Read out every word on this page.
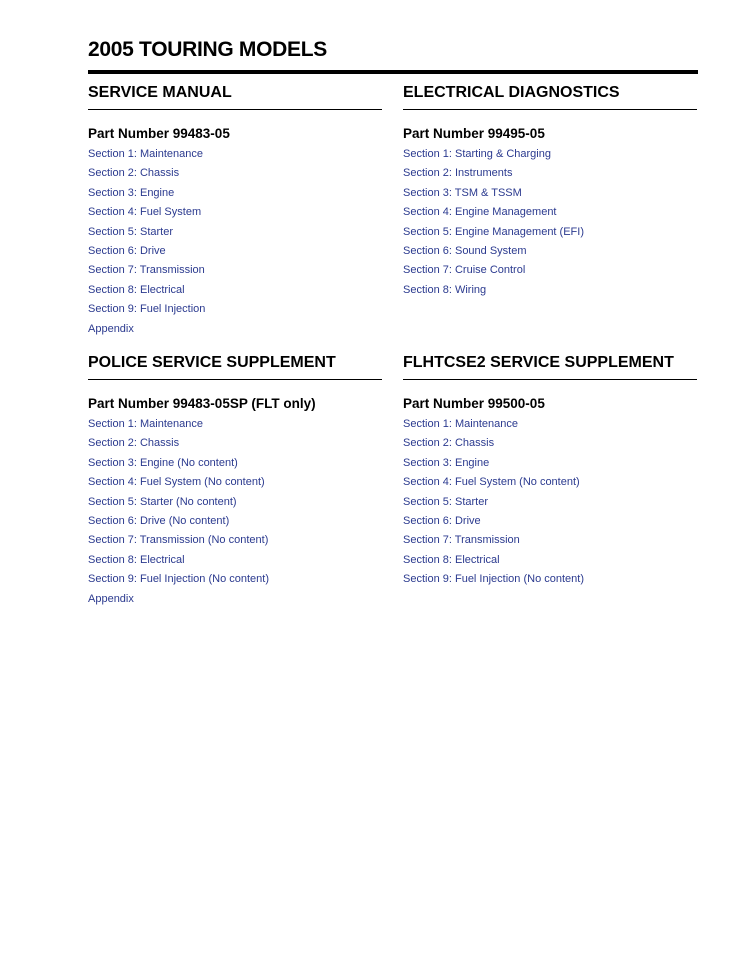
2005 TOURING MODELS
SERVICE MANUAL
Part Number 99483-05
Section 1: Maintenance
Section 2: Chassis
Section 3: Engine
Section 4: Fuel System
Section 5: Starter
Section 6: Drive
Section 7: Transmission
Section 8: Electrical
Section 9: Fuel Injection
Appendix
ELECTRICAL DIAGNOSTICS
Part Number 99495-05
Section 1: Starting & Charging
Section 2: Instruments
Section 3: TSM & TSSM
Section 4: Engine Management
Section 5: Engine Management (EFI)
Section 6: Sound System
Section 7: Cruise Control
Section 8: Wiring
POLICE SERVICE SUPPLEMENT
Part Number 99483-05SP (FLT only)
Section 1: Maintenance
Section 2: Chassis
Section 3: Engine (No content)
Section 4: Fuel System (No content)
Section 5: Starter (No content)
Section 6: Drive (No content)
Section 7: Transmission (No content)
Section 8: Electrical
Section 9: Fuel Injection (No content)
Appendix
FLHTCSE2 SERVICE SUPPLEMENT
Part Number 99500-05
Section 1: Maintenance
Section 2: Chassis
Section 3: Engine
Section 4: Fuel System (No content)
Section 5: Starter
Section 6: Drive
Section 7: Transmission
Section 8: Electrical
Section 9: Fuel Injection (No content)
